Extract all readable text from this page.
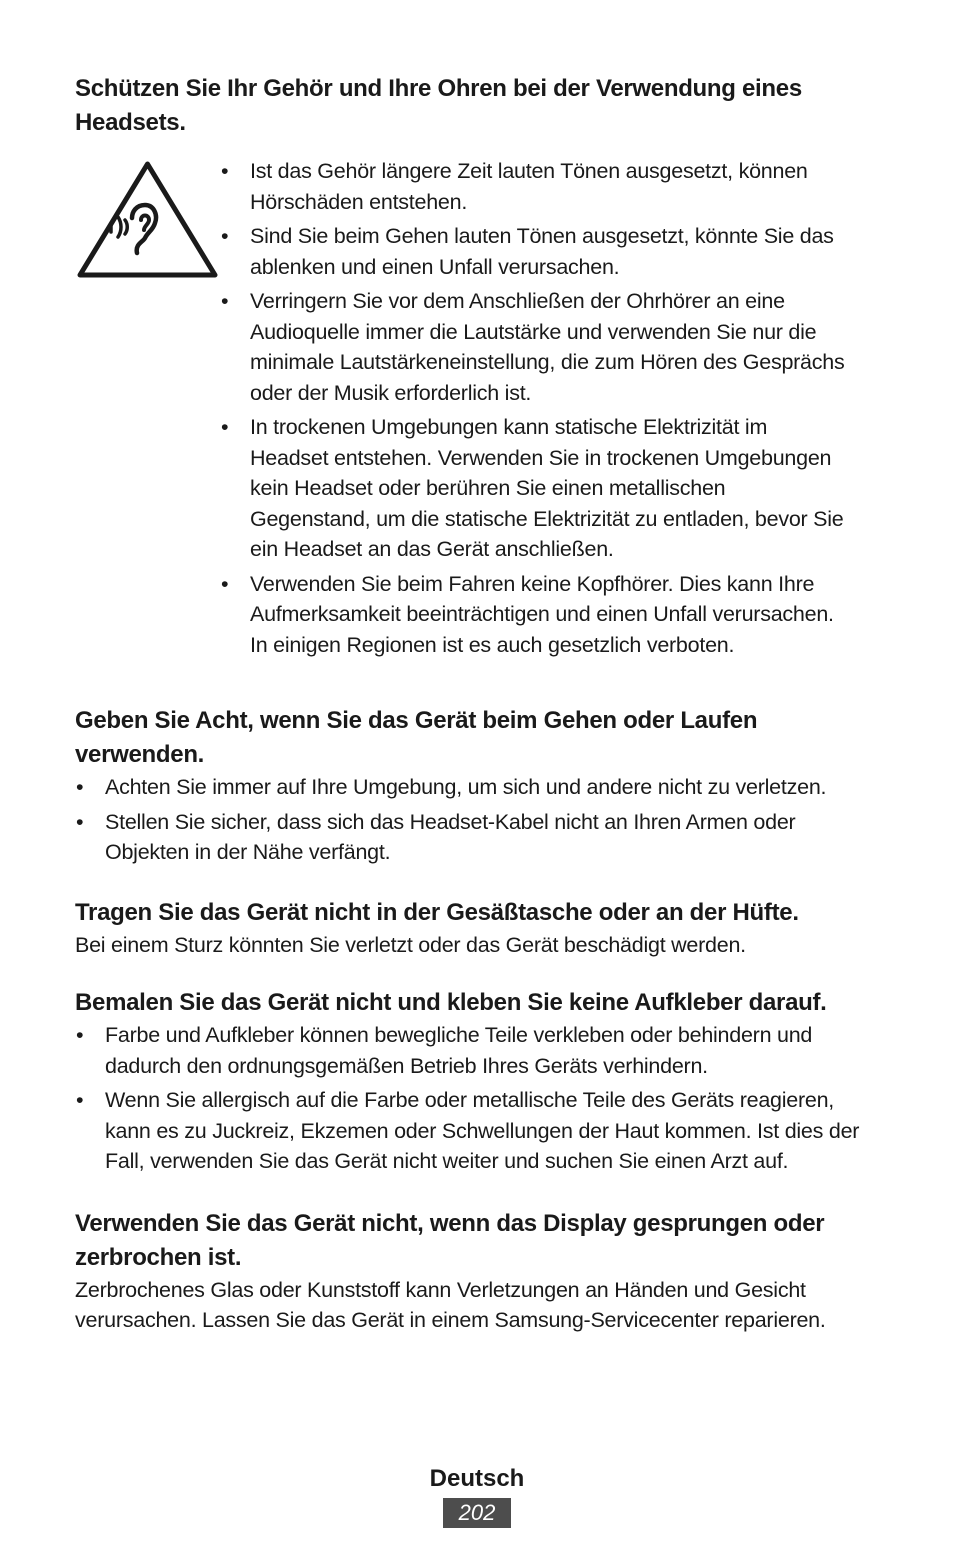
Schützen Sie Ihr Gehör und Ihre Ohren bei der Verwendung eines Headsets.
• Ist das Gehör längere Zeit lauten Tönen ausgesetzt, können Hörschäden entstehen.
• Sind Sie beim Gehen lauten Tönen ausgesetzt, könnte Sie das ablenken und einen Unfall verursachen.
• Verringern Sie vor dem Anschließen der Ohrhörer an eine Audioquelle immer die Lautstärke und verwenden Sie nur die minimale Lautstärkeneinstellung, die zum Hören des Gesprächs oder der Musik erforderlich ist.
• In trockenen Umgebungen kann statische Elektrizität im Headset entstehen. Verwenden Sie in trockenen Umgebungen kein Headset oder berühren Sie einen metallischen Gegenstand, um die statische Elektrizität zu entladen, bevor Sie ein Headset an das Gerät anschließen.
• Verwenden Sie beim Fahren keine Kopfhörer. Dies kann Ihre Aufmerksamkeit beeinträchtigen und einen Unfall verursachen. In einigen Regionen ist es auch gesetzlich verboten.
Geben Sie Acht, wenn Sie das Gerät beim Gehen oder Laufen verwenden.
• Achten Sie immer auf Ihre Umgebung, um sich und andere nicht zu verletzen.
• Stellen Sie sicher, dass sich das Headset-Kabel nicht an Ihren Armen oder Objekten in der Nähe verfängt.
Tragen Sie das Gerät nicht in der Gesäßtasche oder an der Hüfte.

Bei einem Sturz könnten Sie verletzt oder das Gerät beschädigt werden.

Bemalen Sie das Gerät nicht und kleben Sie keine Aufkleber darauf.
• Farbe und Aufkleber können bewegliche Teile verkleben oder behindern und dadurch den ordnungsgemäßen Betrieb Ihres Geräts verhindern.
• Wenn Sie allergisch auf die Farbe oder metallische Teile des Geräts reagieren, kann es zu Juckreiz, Ekzemen oder Schwellungen der Haut kommen. Ist dies der Fall, verwenden Sie das Gerät nicht weiter und suchen Sie einen Arzt auf.
Verwenden Sie das Gerät nicht, wenn das Display gesprungen oder zerbrochen ist.

Zerbrochenes Glas oder Kunststoff kann Verletzungen an Händen und Gesicht verursachen. Lassen Sie das Gerät in einem Samsung-Servicecenter reparieren.

Deutsch
202
